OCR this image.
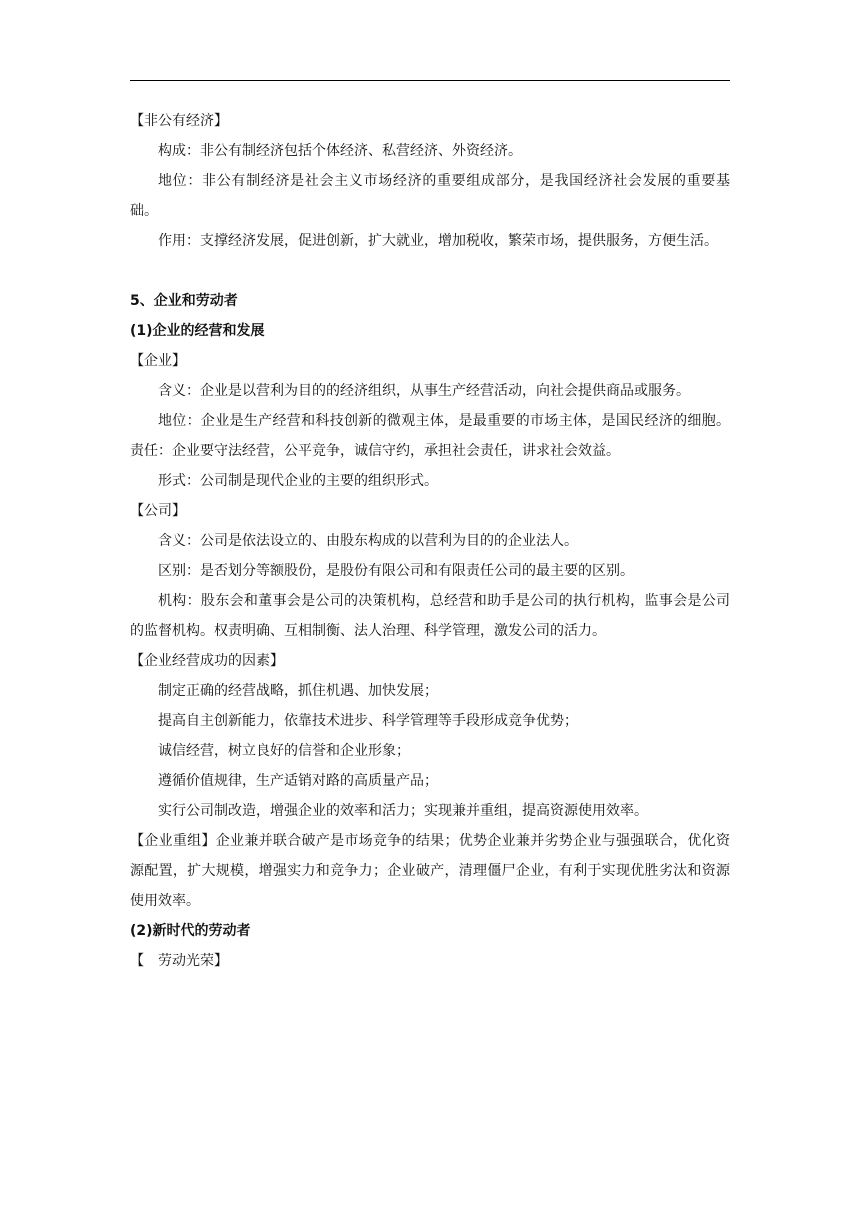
【非公有经济】

构成：非公有制经济包括个体经济、私营经济、外资经济。

地位：非公有制经济是社会主义市场经济的重要组成部分，是我国经济社会发展的重要基础。

作用：支撑经济发展，促进创新，扩大就业，增加税收，繁荣市场，提供服务，方便生活。

5、企业和劳动者

(1)企业的经营和发展

【企业】

含义：企业是以营利为目的的经济组织，从事生产经营活动，向社会提供商品或服务。

地位：企业是生产经营和科技创新的微观主体，是最重要的市场主体，是国民经济的细胞。责任：企业要守法经营，公平竞争，诚信守约，承担社会责任，讲求社会效益。

形式：公司制是现代企业的主要的组织形式。

【公司】

含义：公司是依法设立的、由股东构成的以营利为目的的企业法人。

区别：是否划分等额股份，是股份有限公司和有限责任公司的最主要的区别。

机构：股东会和董事会是公司的决策机构，总经营和助手是公司的执行机构，监事会是公司的监督机构。权责明确、互相制衡、法人治理、科学管理，激发公司的活力。

【企业经营成功的因素】

制定正确的经营战略，抓住机遇、加快发展；

提高自主创新能力，依靠技术进步、科学管理等手段形成竞争优势；

诚信经营，树立良好的信誉和企业形象；

遵循价值规律，生产适销对路的高质量产品；

实行公司制改造，增强企业的效率和活力；实现兼并重组，提高资源使用效率。

【企业重组】企业兼并联合破产是市场竞争的结果；优势企业兼并劣势企业与强强联合，优化资源配置，扩大规模，增强实力和竞争力；企业破产，清理僵尸企业，有利于实现优胜劣汰和资源使用效率。

(2)新时代的劳动者

【　劳动光荣】
